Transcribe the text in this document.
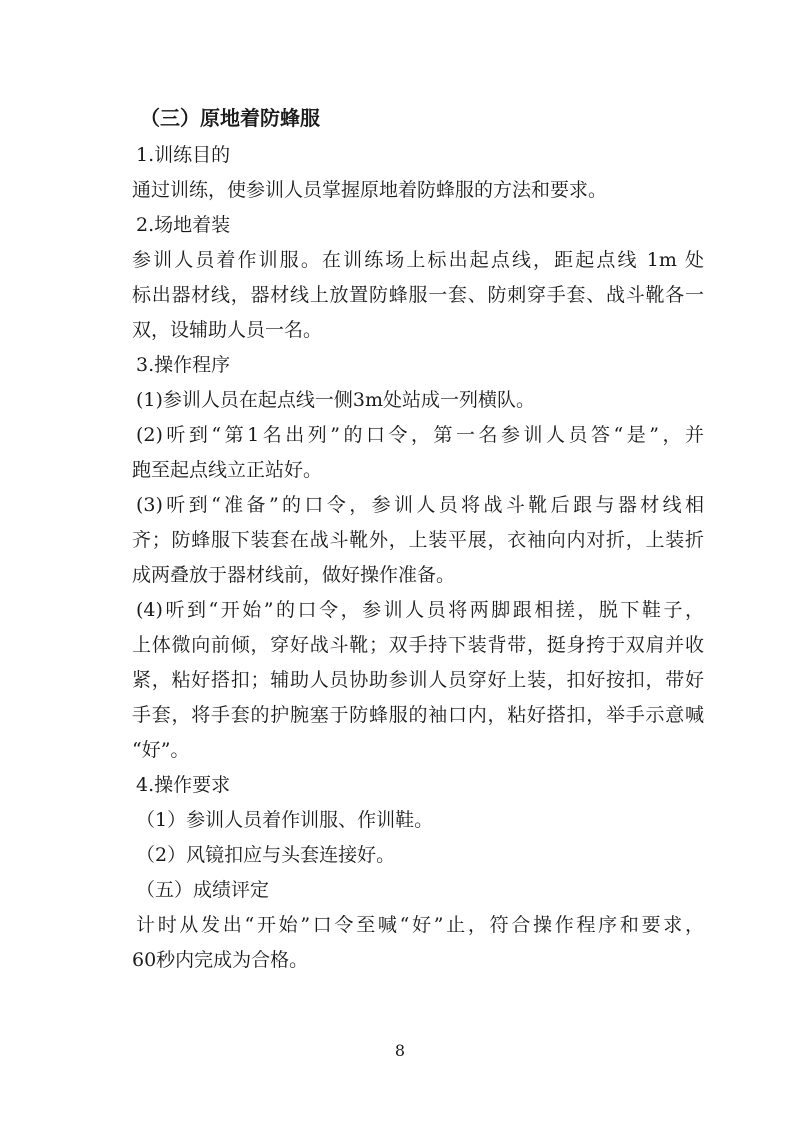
（三）原地着防蜂服
1.训练目的
通过训练，使参训人员掌握原地着防蜂服的方法和要求。
2.场地着装
参训人员着作训服。在训练场上标出起点线，距起点线 1m 处
标出器材线，器材线上放置防蜂服一套、防刺穿手套、战斗靴各一
双，设辅助人员一名。
3.操作程序
(1)参训人员在起点线一侧3m处站成一列横队。
(2)听到“第1名出列”的口令，第一名参训人员答“是”，并
跑至起点线立正站好。
(3)听到“准备”的口令，参训人员将战斗靴后跟与器材线相
齐；防蜂服下装套在战斗靴外，上装平展，衣袖向内对折，上装折
成两叠放于器材线前，做好操作准备。
(4)听到“开始”的口令，参训人员将两脚跟相搓，脱下鞋子，
上体微向前倾，穿好战斗靴；双手持下装背带，挺身挎于双肩并收
紧，粘好搭扣；辅助人员协助参训人员穿好上装，扣好按扣，带好
手套，将手套的护腕塞于防蜂服的袖口内，粘好搭扣，举手示意喊
“好”。
4.操作要求
（1）参训人员着作训服、作训鞋。
（2）风镜扣应与头套连接好。
（五）成绩评定
计时从发出“开始”口令至喊“好”止，符合操作程序和要求，
60秒内完成为合格。
8
